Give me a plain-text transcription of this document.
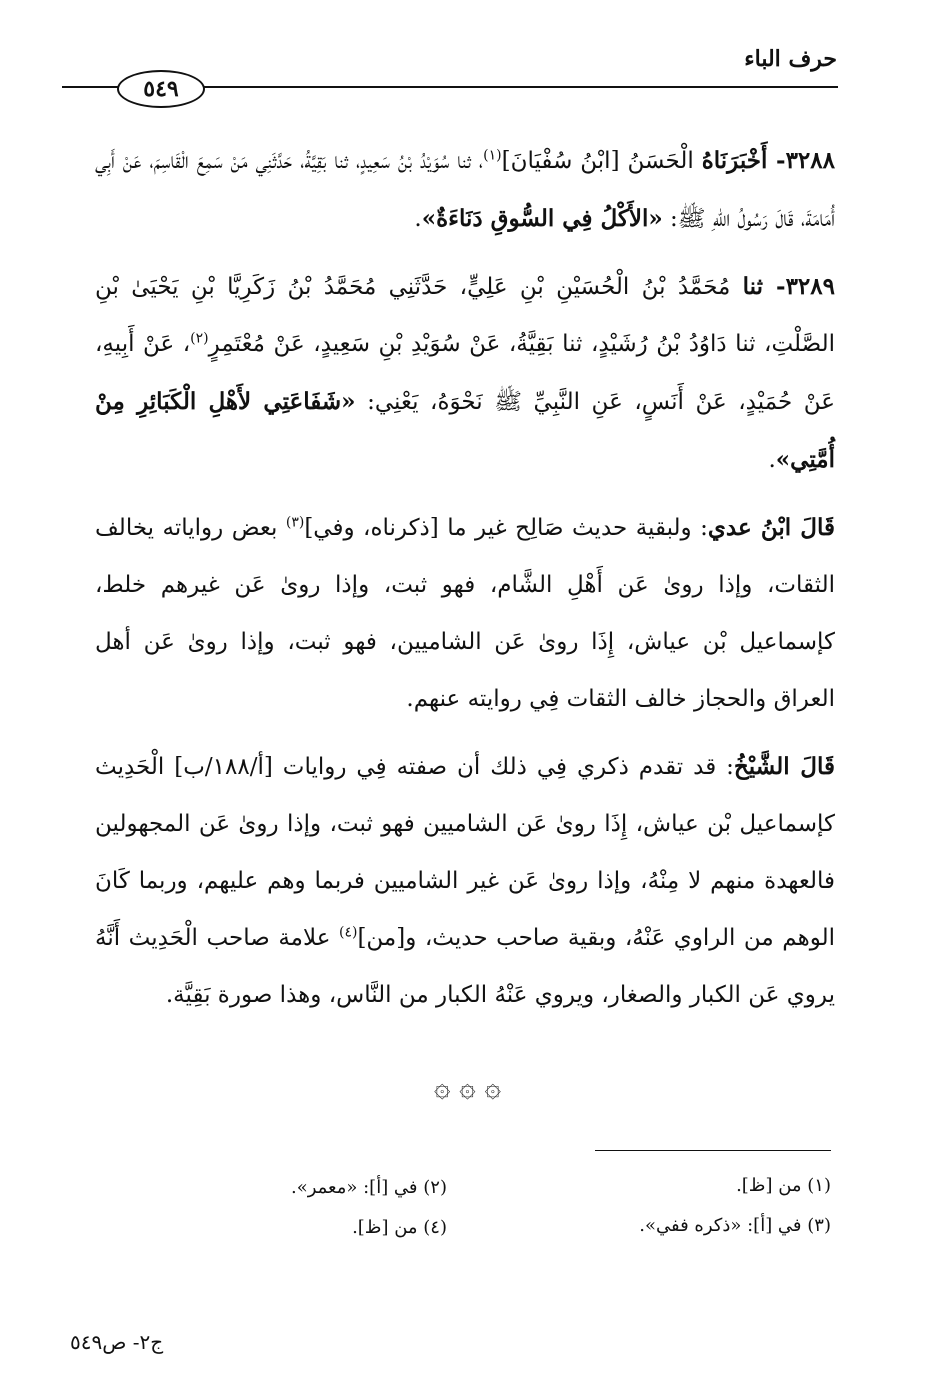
حرف الباء
٥٤٩

٣٢٨٨- أَخْبَرَنَاهُ الْحَسَنُ [ابْنُ سُفْيَانَ]$^{(١)}$، ثنا سُوَيْدُ بْنُ سَعِيدٍ، ثنا بَقِيَّةُ، حَدَّثَنِي مَنْ سَمِعَ الْقَاسِمَ، عَنْ أَبِي أُمَامَةَ، قَالَ رَسُولُ اللهِ ﷺ: «الأَكْلُ فِي السُّوقِ دَنَاءَةٌ».

٣٢٨٩- ثنا مُحَمَّدُ بْنُ الْحُسَيْنِ بْنِ عَلِيٍّ، حَدَّثَنِي مُحَمَّدُ بْنُ زَكَرِيَّا بْنِ يَحْيَىٰ بْنِ الصَّلْتِ، ثنا دَاوُدُ بْنُ رُشَيْدٍ، ثنا بَقِيَّةُ، عَنْ سُوَيْدِ بْنِ سَعِيدٍ، عَنْ مُعْتَمِرٍ$^{(٢)}$، عَنْ أَبِيهِ، عَنْ حُمَيْدٍ، عَنْ أَنَسٍ، عَنِ النَّبِيِّ ﷺ نَحْوَهُ، يَعْنِي: «شَفَاعَتِي لأَهْلِ الْكَبَائِرِ مِنْ أُمَّتِي».

قَالَ ابْنُ عدي: ولبقية حديث صَالِح غير ما [ذكرناه، وفي]$^{(٣)}$ بعض رواياته يخالف الثقات، وإذا روىٰ عَن أَهْلِ الشَّام، فهو ثبت، وإذا روىٰ عَن غيرهم خلط، كإسماعيل بْن عياش، إِذَا روىٰ عَن الشاميين، فهو ثبت، وإذا روىٰ عَن أهل العراق والحجاز خالف الثقات فِي روايته عنهم.

قَالَ الشَّيْخُ: قد تقدم ذكري فِي ذلك أن صفته فِي روايات [أ/١٨٨/ب] الْحَدِيث كإسماعيل بْن عياش، إِذَا روىٰ عَن الشاميين فهو ثبت، وإذا روىٰ عَن المجهولين فالعهدة منهم لا مِنْهُ، وإذا روىٰ عَن غير الشاميين فربما وهم عليهم، وربما كَانَ الوهم من الراوي عَنْهُ، وبقية صاحب حديث، و[من]$^{(٤)}$ علامة صاحب الْحَدِيث أَنَّهُ يروي عَن الكبار والصغار، ويروي عَنْهُ الكبار من النَّاس، وهذا صورة بَقِيَّة.

۞ ۞ ۞
(١) من [ظ].
(٢) في [أ]: «معمر».
(٣) في [أ]: «ذكره ففي».
(٤) من [ظ].
ج٢- ص٥٤٩
